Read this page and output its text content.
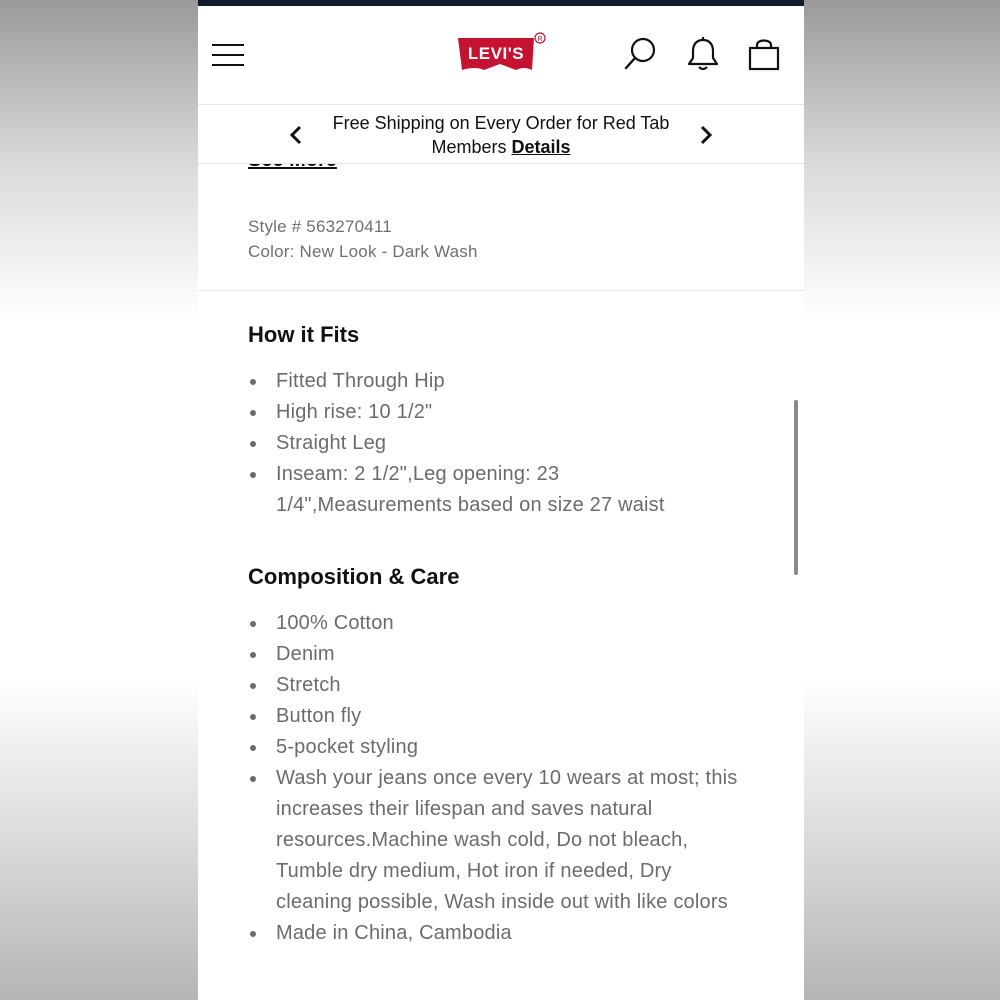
LEVI'S
R
Free Shipping on Every Order for Red Tab Members Details
Style # 563270411
Color: New Look - Dark Wash
How it Fits
Fitted Through Hip
High rise: 10 1/2"
Straight Leg
Inseam: 2 1/2",Leg opening: 23 1/4",Measurements based on size 27 waist
Composition & Care
100% Cotton
Denim
Stretch
Button fly
5-pocket styling
Wash your jeans once every 10 wears at most; this increases their lifespan and saves natural resources.Machine wash cold, Do not bleach, Tumble dry medium, Hot iron if needed, Dry cleaning possible, Wash inside out with like colors
Made in China, Cambodia
